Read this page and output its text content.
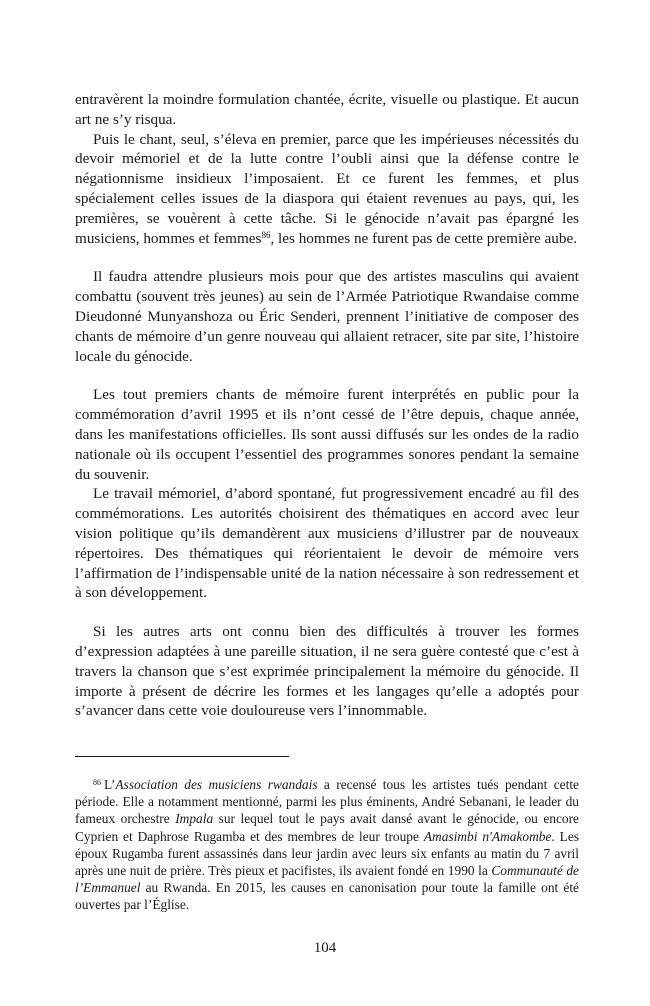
entravèrent la moindre formulation chantée, écrite, visuelle ou plastique. Et aucun art ne s’y risqua.

Puis le chant, seul, s’éleva en premier, parce que les impérieuses nécessités du devoir mémoriel et de la lutte contre l’oubli ainsi que la défense contre le négationnisme insidieux l’imposaient. Et ce furent les femmes, et plus spécialement celles issues de la diaspora qui étaient revenues au pays, qui, les premières, se vouèrent à cette tâche. Si le génocide n’avait pas épargné les musiciens, hommes et femmes$^{86}$, les hommes ne furent pas de cette première aube.

Il faudra attendre plusieurs mois pour que des artistes masculins qui avaient combattu (souvent très jeunes) au sein de l’Armée Patriotique Rwandaise comme Dieudonné Munyanshoza ou Éric Senderi, prennent l’initiative de composer des chants de mémoire d’un genre nouveau qui allaient retracer, site par site, l’histoire locale du génocide.

Les tout premiers chants de mémoire furent interprétés en public pour la commémoration d’avril 1995 et ils n’ont cessé de l’être depuis, chaque année, dans les manifestations officielles. Ils sont aussi diffusés sur les ondes de la radio nationale où ils occupent l’essentiel des programmes sonores pendant la semaine du souvenir.

Le travail mémoriel, d’abord spontané, fut progressivement encadré au fil des commémorations. Les autorités choisirent des thématiques en accord avec leur vision politique qu’ils demandèrent aux musiciens d’illustrer par de nouveaux répertoires. Des thématiques qui réorientaient le devoir de mémoire vers l’affirmation de l’indispensable unité de la nation nécessaire à son redressement et à son développement.

Si les autres arts ont connu bien des difficultés à trouver les formes d’expression adaptées à une pareille situation, il ne sera guère contesté que c’est à travers la chanson que s’est exprimée principalement la mémoire du génocide. Il importe à présent de décrire les formes et les langages qu’elle a adoptés pour s’avancer dans cette voie douloureuse vers l’innommable.

$^{86}$ L’Association des musiciens rwandais a recensé tous les artistes tués pendant cette période. Elle a notamment mentionné, parmi les plus éminents, André Sebanani, le leader du fameux orchestre Impala sur lequel tout le pays avait dansé avant le génocide, ou encore Cyprien et Daphrose Rugamba et des membres de leur troupe Amasimbi n'Amakombe. Les époux Rugamba furent assassinés dans leur jardin avec leurs six enfants au matin du 7 avril après une nuit de prière. Très pieux et pacifistes, ils avaient fondé en 1990 la Communauté de l’Emmanuel au Rwanda. En 2015, les causes en canonisation pour toute la famille ont été ouvertes par l’Église.

104
